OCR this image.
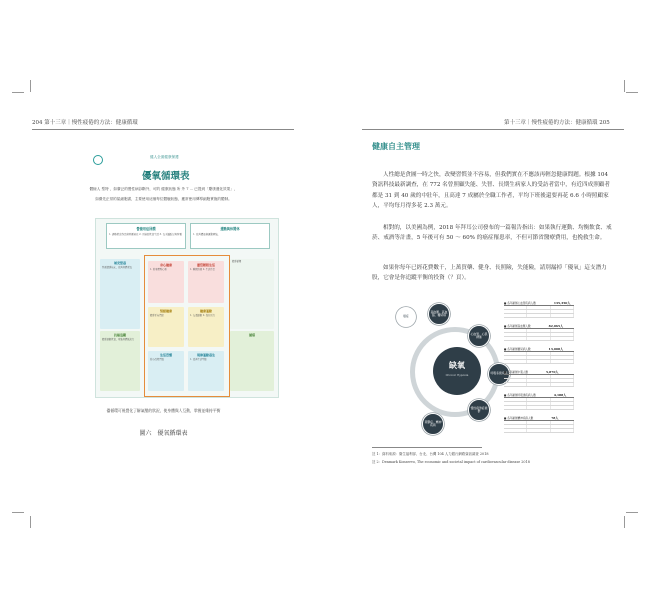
204 第十三章｜慢性疲倦的方法：健康循環
健人全面健康保護
優氧循環表
體檢人 型特 ，如廣泛的慢性病診斷外，可的 健康狀態 所 外 7 ... 已提到「慶康運化效果」，
如優先正常的氣細胞書，主要使用這個每位體驗狀態，應常使用傳導細胞實施的體制。
營養用法回饋
1. 調整飲食作息與營養補充 2. 正確的飲食生活 3. 每天攝取足夠營養
運動與休閒休
1. 改善體能與運動增強。
補充營養
營養健康補充，改善身體素質
抗癌追蹤
健康運動飲食，增強身體抵抗力
身心健康
1. 從身體到心靈
情緒健康
健康正向情緒
生活習慣
從小改變習慣
優質睡眠生活
1. 睡眠時間 2. 生活作息
健康運動
1. 每週運動 2. 保持活力
規律運動養生
1. 改善生活型態
健康循環
循環
優循環可視覺化了解氣壓的狀況，使身體與人互動，掌握並維持平衡
圖六　優氧循環表
第十三章｜慢性疲倦的方法：健康循環 205
健康自主管理

人性總是貪圖一時之快，改變習慣並不容易，但我們實在不應該再輕忽健康問題。根據 104 資訊科技最新調查，在 772 名曾照顧失能、失智、長期生病家人的受訪者當中，有近四成照顧者都是 31 到 40 歲的中壯年，且高達 7 成屬於全職工作者，平均下班後還要再花 6.6 小時照顧家人，平均每月得多花 2.3 萬元。

相對的，以美國為例，2018 年拜耳公司發布的一篇報告指出：如果執行運動、均衡飲食、戒菸、戒酒等計畫，5 年後可有 50 ～ 60% 的癌症罹患率，不但可節省醫療費用，也挽救生命。

如果你每年已經花費數千，上萬買藥、健身、長照險，失能險，請別漏掉「優氧」這支潛力股，它會是你追蹤平衡的投資（？頁）。

缺氧
Chronic Hypoxia
癌症
高血壓、高血脂、糖尿病
心血管、心肌梗塞
呼吸系統疾病
慢性疲勞症候群
憂鬱症、精神疾病
■ 各年齡層心血管疾病人數	135,350人
■ 各年齡層高血壓人數	82,065人
■ 各年齡層糖尿病人數	13,008人
■ 各年齡層中風人數	5,870人
■ 各年齡層呼吸道疾病人數	4,188人
■ 各年齡層精神疾病人數	78人
註 1：資料來源：衛生福利部、台北、台灣 104 人力銀行網路資訊調查 2018
註 2：Denmark Konservo, The economic and societal impact of cardiovascular disease 2018
